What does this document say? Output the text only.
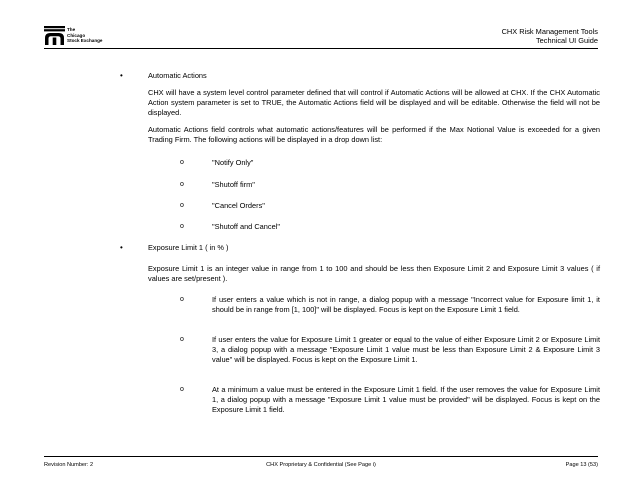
The
Chicago
Stock Exchange
CHX Risk Management Tools
Technical UI Guide
•	Automatic Actions
CHX will have a system level control parameter defined that will control if Automatic Actions will be allowed at CHX. If the CHX Automatic Action system parameter is set to TRUE, the Automatic Actions field will be displayed and will be editable. Otherwise the field will not be displayed.
Automatic Actions field controls what automatic actions/features will be performed if the Max Notional Value is exceeded for a given Trading Firm. The following actions will be displayed in a drop down list:
o	"Notify Only"
o	"Shutoff firm"
o	"Cancel Orders"
o	"Shutoff and Cancel"
•	Exposure Limit 1 ( in % )
Exposure Limit 1 is an integer value in range from 1 to 100 and should be less then Exposure Limit 2 and Exposure Limit 3 values ( if values are set/present ).
o	If user enters a value which is not in range, a dialog popup with a message "Incorrect value for Exposure limit 1, it should be in range from [1, 100]" will be displayed. Focus is kept on the Exposure Limit 1 field.
o	If user enters the value for Exposure Limit 1 greater or equal to the value of either Exposure Limit 2 or Exposure Limit 3, a dialog popup with a message "Exposure Limit 1 value must be less than Exposure Limit 2 & Exposure Limit 3 value" will be displayed. Focus is kept on the Exposure Limit 1.
o	At a minimum a value must be entered in the Exposure Limit 1 field. If the user removes the value for Exposure Limit 1, a dialog popup with a message "Exposure Limit 1 value must be provided" will be displayed. Focus is kept on the Exposure Limit 1 field.
Revision Number: 2	CHX Proprietary & Confidential (See Page i)	Page 13 (53)
